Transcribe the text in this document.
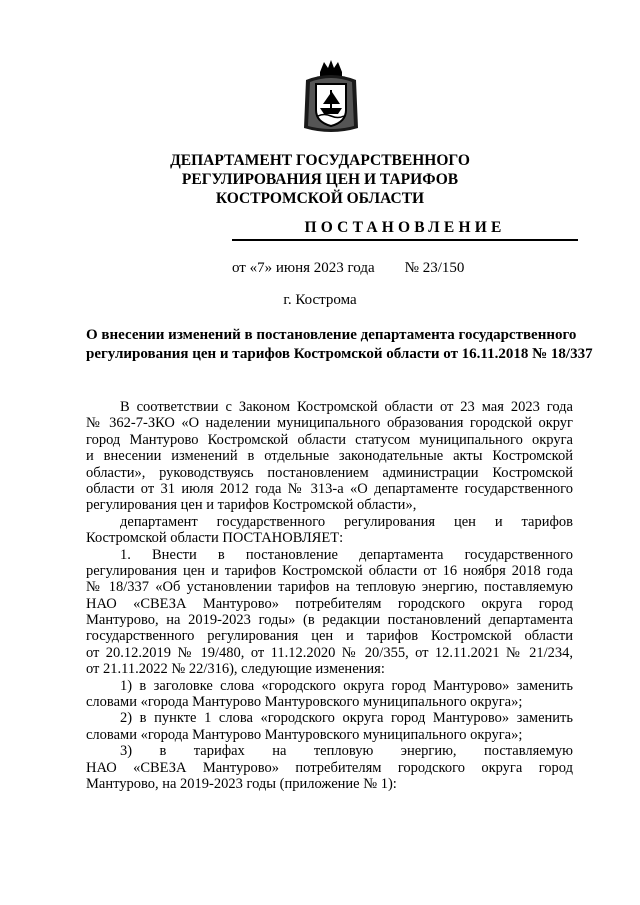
ДЕПАРТАМЕНТ ГОСУДАРСТВЕННОГО
РЕГУЛИРОВАНИЯ ЦЕН И ТАРИФОВ
КОСТРОМСКОЙ ОБЛАСТИ
ПОСТАНОВЛЕНИЕ
от «7» июня 2023 года № 23/150
г. Кострома
О внесении изменений в постановление департамента государственного
регулирования цен и тарифов Костромской области от 16.11.2018 № 18/337
В соответствии с Законом Костромской области от 23 мая 2023 года
№ 362-7-ЗКО «О наделении муниципального образования городской округ
город Мантурово Костромской области статусом муниципального округа
и внесении изменений в отдельные законодательные акты Костромской
области», руководствуясь постановлением администрации Костромской
области от 31 июля 2012 года № 313-а «О департаменте государственного
регулирования цен и тарифов Костромской области»,
департамент государственного регулирования цен и тарифов
Костромской области ПОСТАНОВЛЯЕТ:
1. Внести в постановление департамента государственного
регулирования цен и тарифов Костромской области от 16 ноября 2018 года
№ 18/337 «Об установлении тарифов на тепловую энергию, поставляемую
НАО «СВЕЗА Мантурово» потребителям городского округа город
Мантурово, на 2019-2023 годы» (в редакции постановлений департамента
государственного регулирования цен и тарифов Костромской области
от 20.12.2019 № 19/480, от 11.12.2020 № 20/355, от 12.11.2021 № 21/234,
от 21.11.2022 № 22/316), следующие изменения:
1) в заголовке слова «городского округа город Мантурово» заменить
словами «города Мантурово Мантуровского муниципального округа»;
2) в пункте 1 слова «городского округа город Мантурово» заменить
словами «города Мантурово Мантуровского муниципального округа»;
3) в тарифах на тепловую энергию, поставляемую
НАО «СВЕЗА Мантурово» потребителям городского округа город
Мантурово, на 2019-2023 годы (приложение № 1):
